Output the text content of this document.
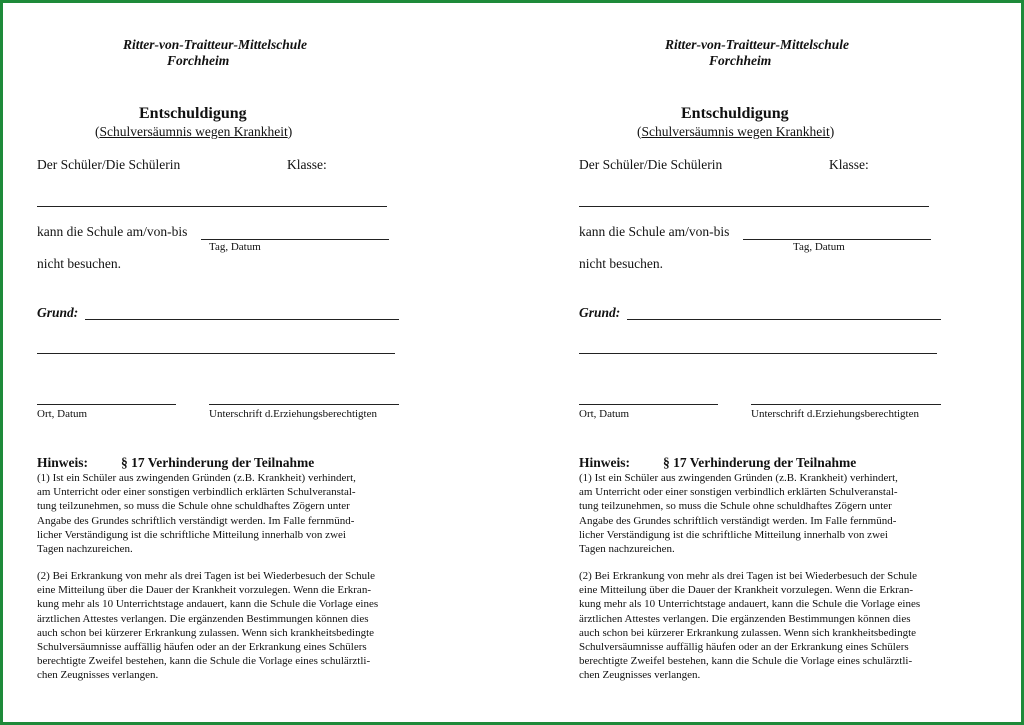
Ritter-von-Traitteur-Mittelschule
Forchheim
Entschuldigung
(Schulversäumnis wegen Krankheit)
Der Schüler/Die Schülerin	Klasse:
kann die Schule am/von-bis
Tag, Datum
nicht besuchen.
Grund:
Ort, Datum	Unterschrift d.Erziehungsberechtigten
Hinweis: § 17 Verhinderung der Teilnahme
(1) Ist ein Schüler aus zwingenden Gründen (z.B. Krankheit) verhindert,
am Unterricht oder einer sonstigen verbindlich erklärten Schulveranstal-
tung teilzunehmen, so muss die Schule ohne schuldhaftes Zögern unter
Angabe des Grundes schriftlich verständigt werden. Im Falle fernmünd-
licher Verständigung ist die schriftliche Mitteilung innerhalb von zwei
Tagen nachzureichen.
(2) Bei Erkrankung von mehr als drei Tagen ist bei Wiederbesuch der Schule
eine Mitteilung über die Dauer der Krankheit vorzulegen. Wenn die Erkran-
kung mehr als 10 Unterrichtstage andauert, kann die Schule die Vorlage eines
ärztlichen Attestes verlangen. Die ergänzenden Bestimmungen können dies
auch schon bei kürzerer Erkrankung zulassen. Wenn sich krankheitsbedingte
Schulversäumnisse auffällig häufen oder an der Erkrankung eines Schülers
berechtigte Zweifel bestehen, kann die Schule die Vorlage eines schulärztli-
chen Zeugnisses verlangen.
Ritter-von-Traitteur-Mittelschule
Forchheim
Entschuldigung
(Schulversäumnis wegen Krankheit)
Der Schüler/Die Schülerin	Klasse:
kann die Schule am/von-bis
Tag, Datum
nicht besuchen.
Grund:
Ort, Datum	Unterschrift d.Erziehungsberechtigten
Hinweis: § 17 Verhinderung der Teilnahme
(1) Ist ein Schüler aus zwingenden Gründen (z.B. Krankheit) verhindert,
am Unterricht oder einer sonstigen verbindlich erklärten Schulveranstal-
tung teilzunehmen, so muss die Schule ohne schuldhaftes Zögern unter
Angabe des Grundes schriftlich verständigt werden. Im Falle fernmünd-
licher Verständigung ist die schriftliche Mitteilung innerhalb von zwei
Tagen nachzureichen.
(2) Bei Erkrankung von mehr als drei Tagen ist bei Wiederbesuch der Schule
eine Mitteilung über die Dauer der Krankheit vorzulegen. Wenn die Erkran-
kung mehr als 10 Unterrichtstage andauert, kann die Schule die Vorlage eines
ärztlichen Attestes verlangen. Die ergänzenden Bestimmungen können dies
auch schon bei kürzerer Erkrankung zulassen. Wenn sich krankheitsbedingte
Schulversäumnisse auffällig häufen oder an der Erkrankung eines Schülers
berechtigte Zweifel bestehen, kann die Schule die Vorlage eines schulärztli-
chen Zeugnisses verlangen.
